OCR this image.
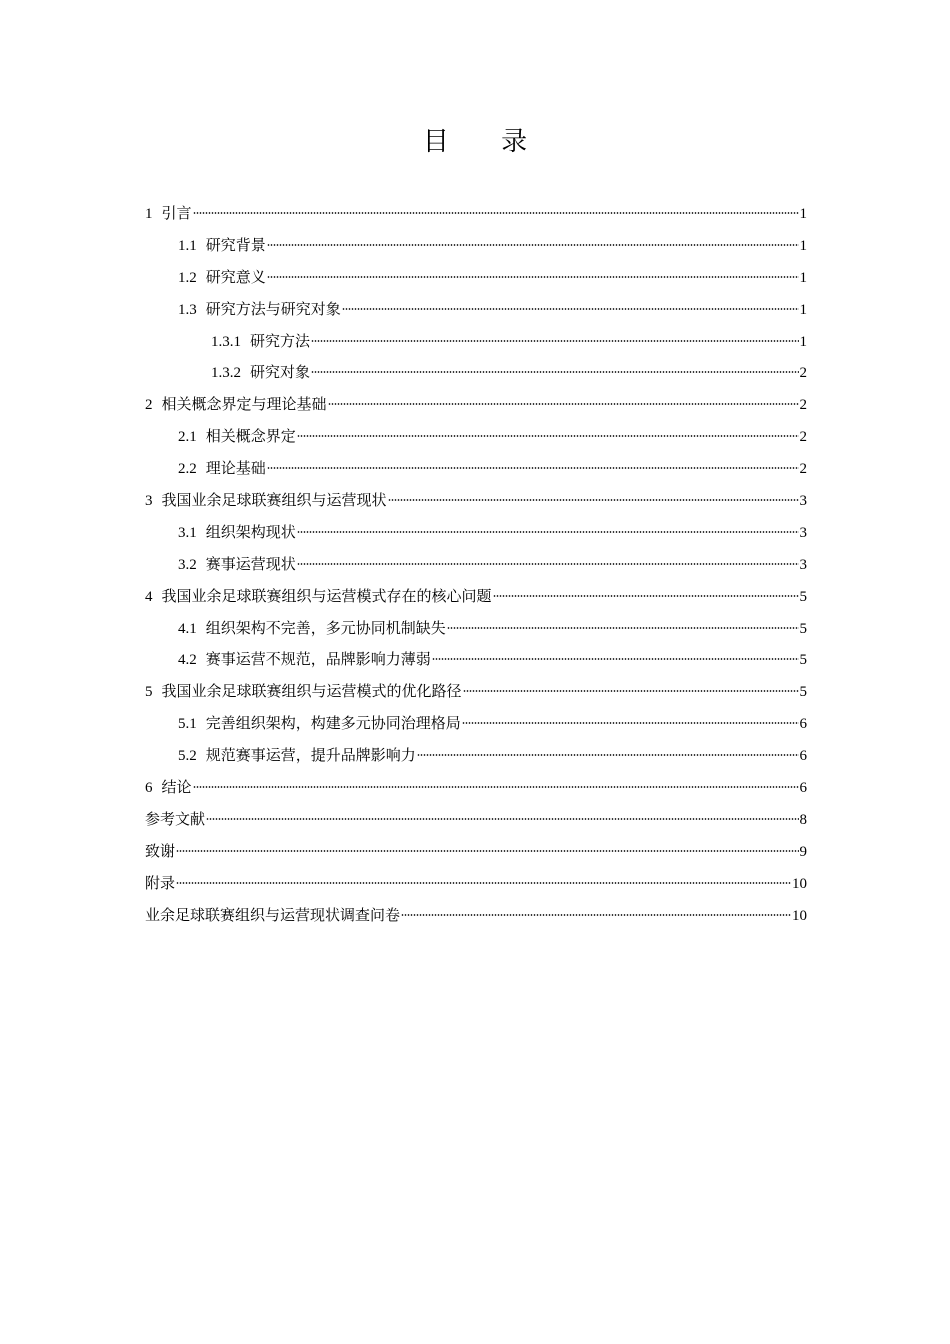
目 录
1 引言	1
1.1 研究背景	1
1.2 研究意义	1
1.3 研究方法与研究对象	1
1.3.1 研究方法	1
1.3.2 研究对象	2
2 相关概念界定与理论基础	2
2.1 相关概念界定	2
2.2 理论基础	2
3 我国业余足球联赛组织与运营现状	3
3.1 组织架构现状	3
3.2 赛事运营现状	3
4 我国业余足球联赛组织与运营模式存在的核心问题	5
4.1 组织架构不完善，多元协同机制缺失	5
4.2 赛事运营不规范，品牌影响力薄弱	5
5 我国业余足球联赛组织与运营模式的优化路径	5
5.1 完善组织架构，构建多元协同治理格局	6
5.2 规范赛事运营，提升品牌影响力	6
6 结论	6
参考文献	8
致谢	9
附录	10
业余足球联赛组织与运营现状调查问卷	10
